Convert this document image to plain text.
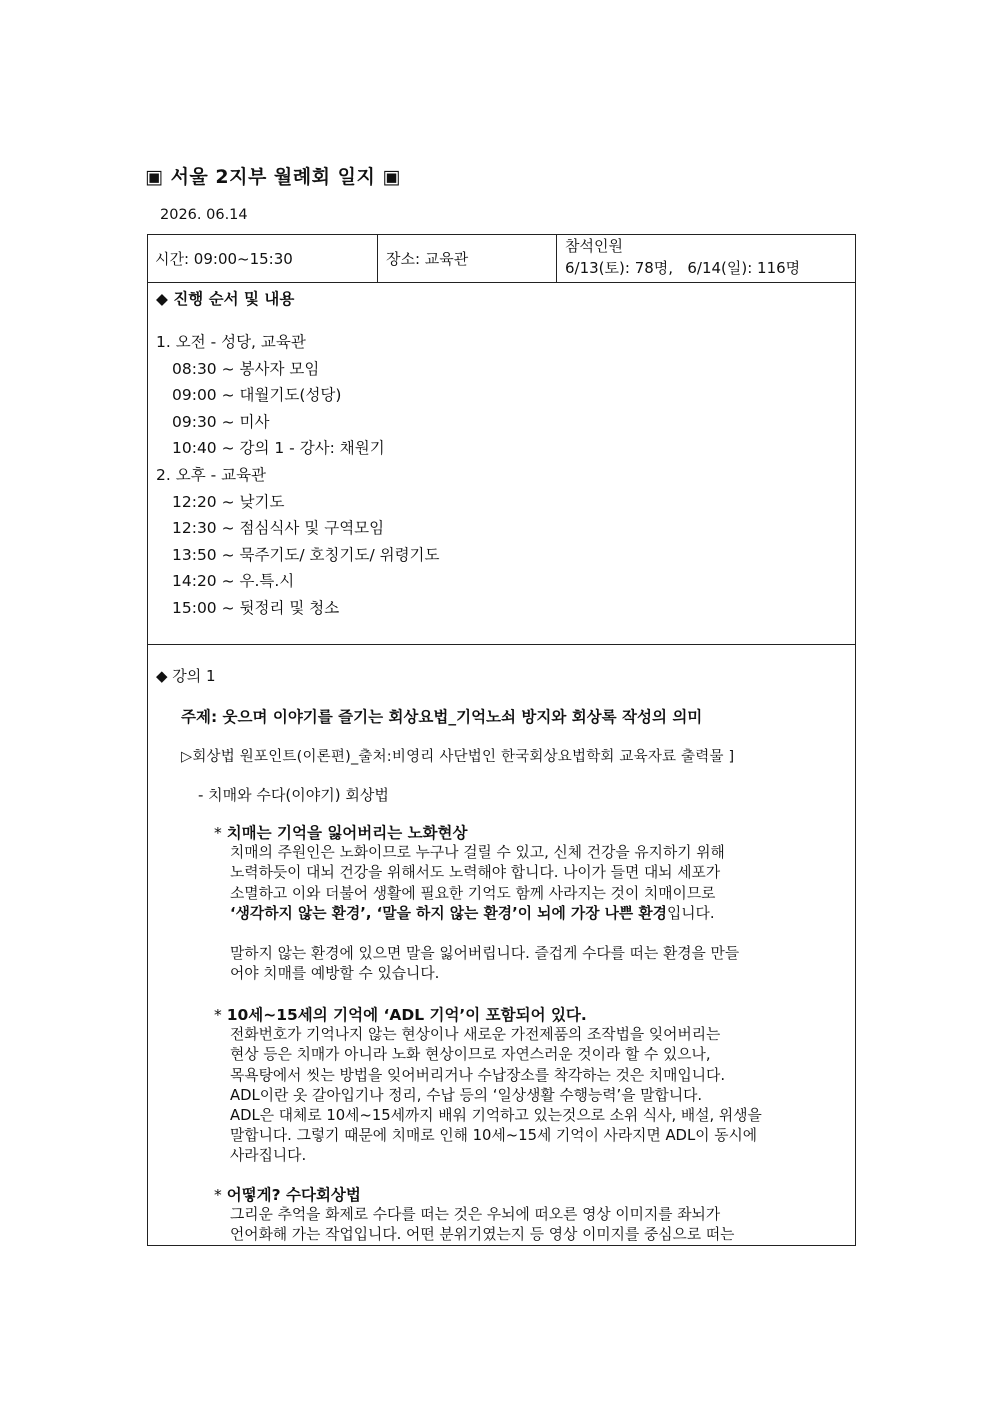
▣ 서울 2지부 월례회 일지 ▣
2026. 06.14
시간: 09:00~15:30	장소: 교육관
참석인원
6/13(토): 78명,   6/14(일): 116명
◆ 진행 순서 및 내용
1. 오전 - 성당, 교육관
08:30 ~ 봉사자 모임
09:00 ~ 대월기도(성당)
09:30 ~ 미사
10:40 ~ 강의 1 - 강사: 채원기
2. 오후 - 교육관
12:20 ~ 낮기도
12:30 ~ 점심식사 및 구역모임
13:50 ~ 묵주기도/ 호칭기도/ 위령기도
14:20 ~ 우.특.시
15:00 ~ 뒷정리 및 청소
◆ 강의 1
주제: 웃으며 이야기를 즐기는 회상요법_기억노쇠 방지와 회상록 작성의 의미
▷회상법 원포인트(이론편)_출처:비영리 사단법인 한국회상요법학회 교육자료 출력물 ]
- 치매와 수다(이야기) 회상법
* 치매는 기억을 잃어버리는 노화현상
치매의 주원인은 노화이므로 누구나 걸릴 수 있고, 신체 건강을 유지하기 위해
노력하듯이 대뇌 건강을 위해서도 노력해야 합니다. 나이가 들면 대뇌 세포가
소멸하고 이와 더불어 생활에 필요한 기억도 함께 사라지는 것이 치매이므로
‘생각하지 않는 환경’, ‘말을 하지 않는 환경’이 뇌에 가장 나쁜 환경입니다.
말하지 않는 환경에 있으면 말을 잃어버립니다. 즐겁게 수다를 떠는 환경을 만들
어야 치매를 예방할 수 있습니다.
* 10세~15세의 기억에 ‘ADL 기억’이 포함되어 있다.
전화번호가 기억나지 않는 현상이나 새로운 가전제품의 조작법을 잊어버리는
현상 등은 치매가 아니라 노화 현상이므로 자연스러운 것이라 할 수 있으나,
목욕탕에서 씻는 방법을 잊어버리거나 수납장소를 착각하는 것은 치매입니다.
ADL이란 옷 갈아입기나 정리, 수납 등의 ‘일상생활 수행능력’을 말합니다.
ADL은 대체로 10세~15세까지 배워 기억하고 있는것으로 소위 식사, 배설, 위생을
말합니다. 그렇기 때문에 치매로 인해 10세~15세 기억이 사라지면 ADL이 동시에
사라집니다.
* 어떻게? 수다회상법
그리운 추억을 화제로 수다를 떠는 것은 우뇌에 떠오른 영상 이미지를 좌뇌가
언어화해 가는 작업입니다. 어떤 분위기였는지 등 영상 이미지를 중심으로 떠는
